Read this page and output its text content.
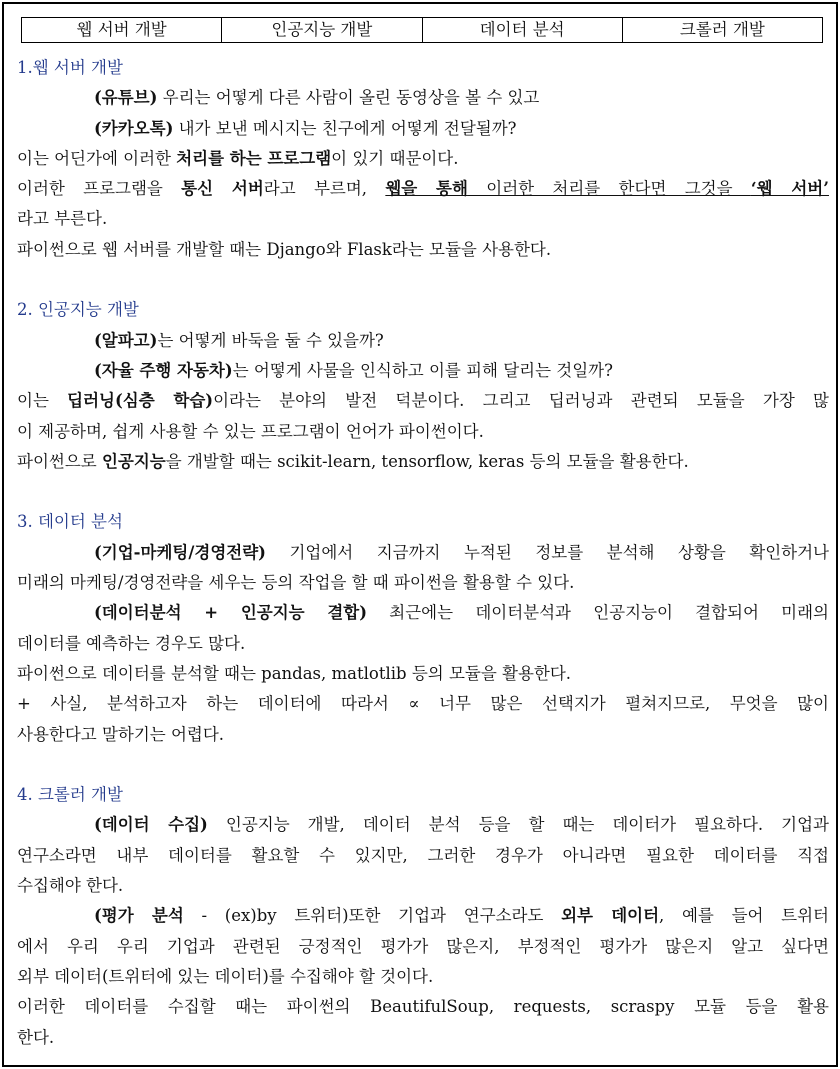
웹 서버 개발	인공지능 개발	데이터 분석	크롤러 개발
1.웹 서버 개발
(유튜브) 우리는 어떻게 다른 사람이 올린 동영상을 볼 수 있고
(카카오톡) 내가 보낸 메시지는 친구에게 어떻게 전달될까?
이는 어딘가에 이러한 처리를 하는 프로그램이 있기 때문이다.
이러한 프로그램을 통신 서버라고 부르며, 웹을 통해 이러한 처리를 한다면 그것을 ‘웹 서버’
라고 부른다.
파이썬으로 웹 서버를 개발할 때는 Django와 Flask라는 모듈을 사용한다.
2. 인공지능 개발
(알파고)는 어떻게 바둑을 둘 수 있을까?
(자율 주행 자동차)는 어떻게 사물을 인식하고 이를 피해 달리는 것일까?
이는 딥러닝(심층 학습)이라는 분야의 발전 덕분이다. 그리고 딥러닝과 관련되 모듈을 가장 많
이 제공하며, 쉽게 사용할 수 있는 프로그램이 언어가 파이썬이다.
파이썬으로 인공지능을 개발할 때는 scikit-learn, tensorflow, keras 등의 모듈을 활용한다.
3. 데이터 분석
(기업-마케팅/경영전략) 기업에서 지금까지 누적된 정보를 분석해 상황을 확인하거나
미래의 마케팅/경영전략을 세우는 등의 작업을 할 때 파이썬을 활용할 수 있다.
(데이터분석 + 인공지능 결합) 최근에는 데이터분석과 인공지능이 결합되어 미래의
데이터를 예측하는 경우도 많다.
파이썬으로 데이터를 분석할 때는 pandas, matlotlib 등의 모듈을 활용한다.
+ 사실, 분석하고자 하는 데이터에 따라서 ∝ 너무 많은 선택지가 펼쳐지므로, 무엇을 많이
사용한다고 말하기는 어렵다.
4. 크롤러 개발
(데이터 수집) 인공지능 개발, 데이터 분석 등을 할 때는 데이터가 필요하다. 기업과
연구소라면 내부 데이터를 활요할 수 있지만, 그러한 경우가 아니라면 필요한 데이터를 직접
수집해야 한다.
(평가 분석 - (ex)by 트위터)또한 기업과 연구소라도 외부 데이터, 예를 들어 트위터
에서 우리 우리 기업과 관련된 긍정적인 평가가 많은지, 부정적인 평가가 많은지 알고 싶다면
외부 데이터(트위터에 있는 데이터)를 수집해야 할 것이다.
이러한 데이터를 수집할 때는 파이썬의 BeautifulSoup, requests, scraspy 모듈 등을 활용
한다.
